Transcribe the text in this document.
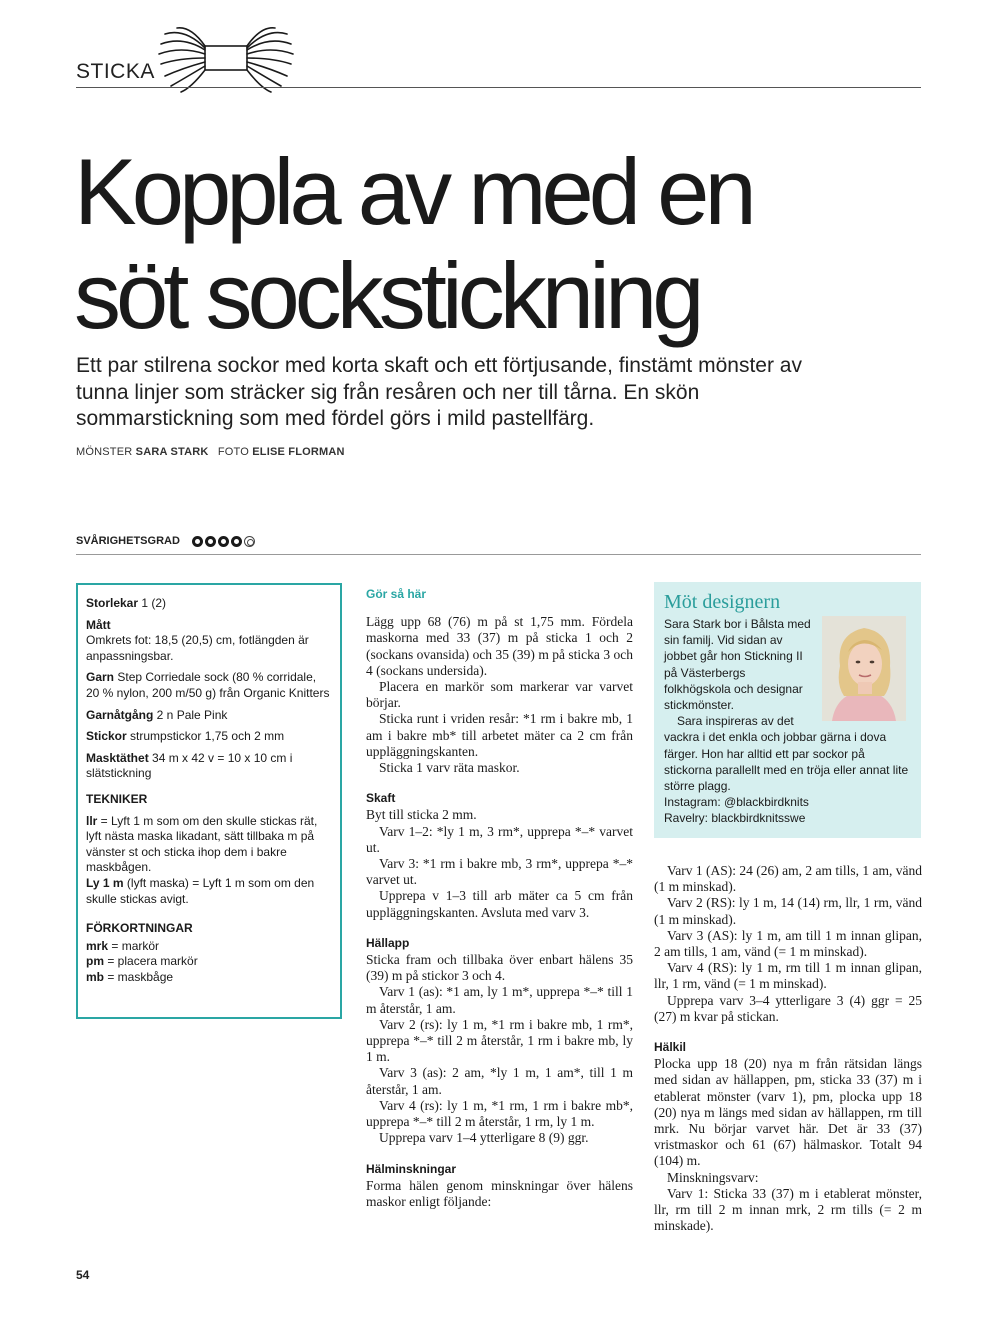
STICKA
Koppla av med en
söt sockstickning

Ett par stilrena sockor med korta skaft och ett förtjusande, finstämt mönster av tunna linjer som sträcker sig från resåren och ner till tårna. En skön sommarstickning som med fördel görs i mild pastellfärg.

MÖNSTER SARA STARK FOTO ELISE FLORMAN
SVÅRIGHETSGRAD

Storlekar 1 (2)

Mått

Omkrets fot: 18,5 (20,5) cm, fotlängden är anpassningsbar.

Garn Step Corriedale sock (80 % corridale, 20 % nylon, 200 m/50 g) från Organic Knitters

Garnåtgång 2 n Pale Pink

Stickor strumpstickor 1,75 och 2 mm

Masktäthet 34 m x 42 v = 10 x 10 cm i slätstickning

TEKNIKER

llr = Lyft 1 m som om den skulle stickas rät, lyft nästa maska likadant, sätt tillbaka m på vänster st och sticka ihop dem i bakre maskbågen.

Ly 1 m (lyft maska) = Lyft 1 m som om den skulle stickas avigt.

FÖRKORTNINGAR

mrk = markör

pm = placera markör

mb = maskbåge

Gör så här

Lägg upp 68 (76) m på st 1,75 mm. Fördela maskorna med 33 (37) m på sticka 1 och 2 (sockans ovansida) och 35 (39) m på sticka 3 och 4 (sockans undersida).

Placera en markör som markerar var varvet börjar.

Sticka runt i vriden resår: *1 rm i bakre mb, 1 am i bakre mb* till arbetet mäter ca 2 cm från uppläggningskanten.

Sticka 1 varv räta maskor.

Skaft

Byt till sticka 2 mm.

Varv 1–2: *ly 1 m, 3 rm*, upprepa *–* varvet ut.

Varv 3: *1 rm i bakre mb, 3 rm*, upprepa *–* varvet ut.

Upprepa v 1–3 till arb mäter ca 5 cm från uppläggningskanten. Avsluta med varv 3.

Hällapp

Sticka fram och tillbaka över enbart hälens 35 (39) m på stickor 3 och 4.

Varv 1 (as): *1 am, ly 1 m*, upprepa *–* till 1 m återstår, 1 am.

Varv 2 (rs): ly 1 m, *1 rm i bakre mb, 1 rm*, upprepa *–* till 2 m återstår, 1 rm i bakre mb, ly 1 m.

Varv 3 (as): 2 am, *ly 1 m, 1 am*, till 1 m återstår, 1 am.

Varv 4 (rs): ly 1 m, *1 rm, 1 rm i bakre mb*, upprepa *–* till 2 m återstår, 1 rm, ly 1 m.

Upprepa varv 1–4 ytterligare 8 (9) ggr.

Hälminskningar

Forma hälen genom minskningar över hälens maskor enligt följande:

Möt designern

Sara Stark bor i Bålsta med sin familj. Vid sidan av jobbet går hon Stickning II på Västerbergs folkhögskola och designar stickmönster.

Sara inspireras av det

vackra i det enkla och jobbar gärna i dova färger. Hon har alltid ett par sockor på stickorna parallellt med en tröja eller annat lite större plagg.

Instagram: @blackbirdknits

Ravelry: blackbirdknitsswe

Varv 1 (AS): 24 (26) am, 2 am tills, 1 am, vänd (1 m minskad).

Varv 2 (RS): ly 1 m, 14 (14) rm, llr, 1 rm, vänd (1 m minskad).

Varv 3 (AS): ly 1 m, am till 1 m innan glipan, 2 am tills, 1 am, vänd (= 1 m minskad).

Varv 4 (RS): ly 1 m, rm till 1 m innan glipan, llr, 1 rm, vänd (= 1 m minskad).

Upprepa varv 3–4 ytterligare 3 (4) ggr = 25 (27) m kvar på stickan.

Hälkil

Plocka upp 18 (20) nya m från rätsidan längs med sidan av hällappen, pm, sticka 33 (37) m i etablerat mönster (varv 1), pm, plocka upp 18 (20) nya m längs med sidan av hällappen, rm till mrk. Nu börjar varvet här. Det är 33 (37) vristmaskor och 61 (67) hälmaskor. Totalt 94 (104) m.

Minskningsvarv:

Varv 1: Sticka 33 (37) m i etablerat mönster, llr, rm till 2 m innan mrk, 2 rm tills (= 2 m minskade).

54
